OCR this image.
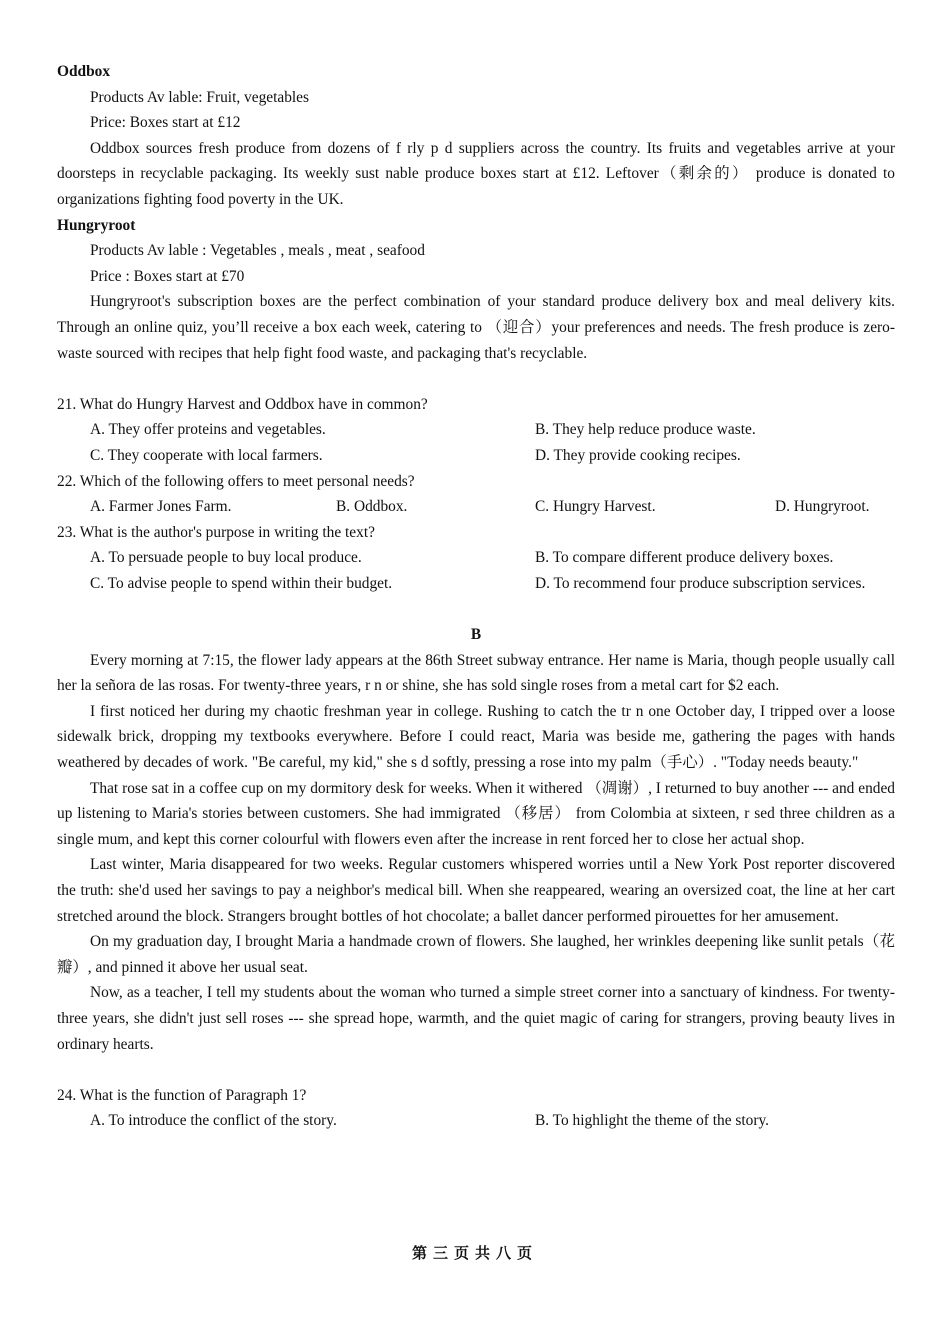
Oddbox
Products Av lable: Fruit, vegetables
Price: Boxes start at £12
Oddbox sources fresh produce from dozens of f rly p d suppliers across the country. Its fruits and vegetables arrive at your doorsteps in recyclable packaging. Its weekly sust nable produce boxes start at £12. Leftover（剩余的） produce is donated to organizations fighting food poverty in the UK.
Hungryroot
Products Av lable : Vegetables , meals , meat , seafood
Price : Boxes start at £70
Hungryroot's subscription boxes are the perfect combination of your standard produce delivery box and meal delivery kits. Through an online quiz, you’ll receive a box each week, catering to （迎合）your preferences and needs. The fresh produce is zero-waste sourced with recipes that help fight food waste, and packaging that's recyclable.
21. What do Hungry Harvest and Oddbox have in common?
A. They offer proteins and vegetables.	B. They help reduce produce waste.
C. They cooperate with local farmers.	D. They provide cooking recipes.
22. Which of the following offers to meet personal needs?
A. Farmer Jones Farm.	B. Oddbox.	C. Hungry Harvest.	D. Hungryroot.
23. What is the author's purpose in writing the text?
A. To persuade people to buy local produce.	B. To compare different produce delivery boxes.
C. To advise people to spend within their budget.	D. To recommend four produce subscription services.
B
Every morning at 7:15, the flower lady appears at the 86th Street subway entrance. Her name is Maria, though people usually call her la señora de las rosas. For twenty-three years, r n or shine, she has sold single roses from a metal cart for $2 each.
I first noticed her during my chaotic freshman year in college. Rushing to catch the tr n one October day, I tripped over a loose sidewalk brick, dropping my textbooks everywhere. Before I could react, Maria was beside me, gathering the pages with hands weathered by decades of work. "Be careful, my kid," she s d softly, pressing a rose into my palm（手心）. "Today needs beauty."
That rose sat in a coffee cup on my dormitory desk for weeks. When it withered （凋谢）, I returned to buy another --- and ended up listening to Maria's stories between customers. She had immigrated （移居） from Colombia at sixteen, r sed three children as a single mum, and kept this corner colourful with flowers even after the increase in rent forced her to close her actual shop.
Last winter, Maria disappeared for two weeks. Regular customers whispered worries until a New York Post reporter discovered the truth: she'd used her savings to pay a neighbor's medical bill. When she reappeared, wearing an oversized coat, the line at her cart stretched around the block. Strangers brought bottles of hot chocolate; a ballet dancer performed pirouettes for her amusement.
On my graduation day, I brought Maria a handmade crown of flowers. She laughed, her wrinkles deepening like sunlit petals（花瓣）, and pinned it above her usual seat.
Now, as a teacher, I tell my students about the woman who turned a simple street corner into a sanctuary of kindness. For twenty-three years, she didn't just sell roses --- she spread hope, warmth, and the quiet magic of caring for strangers, proving beauty lives in ordinary hearts.
24. What is the function of Paragraph 1?
A. To introduce the conflict of the story.	B. To highlight the theme of the story.
第三页共八页
